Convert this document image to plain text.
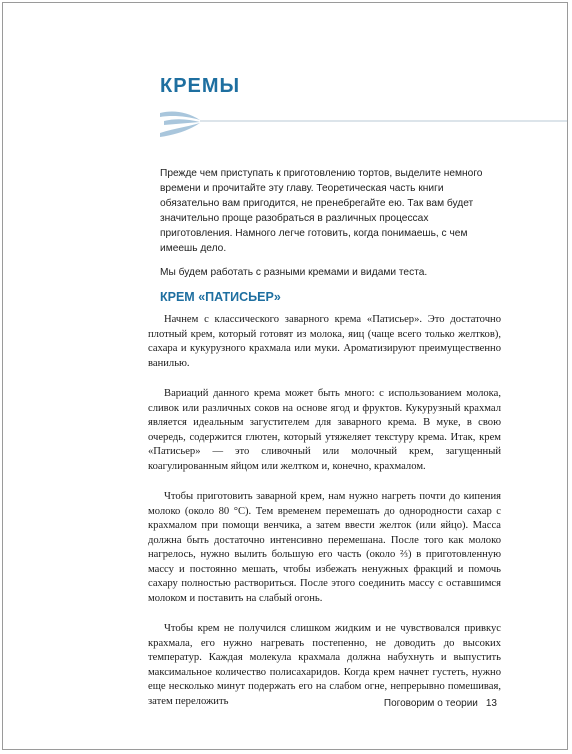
КРЕМЫ

Прежде чем приступать к приготовлению тортов, выделите немного времени и прочитайте эту главу. Теоретическая часть книги обязательно вам пригодится, не пренебрегайте ею. Так вам будет значительно проще разобраться в различных процессах приготовления. Намного легче готовить, когда понимаешь, с чем имеешь дело.

Мы будем работать с разными кремами и видами теста.

КРЕМ «ПАТИСЬЕР»

Начнем с классического заварного крема «Патисьер». Это достаточно плотный крем, который готовят из молока, яиц (чаще всего только желтков), сахара и кукурузного крахмала или муки. Ароматизируют преимущественно ванилью.

Вариаций данного крема может быть много: с использованием молока, сливок или различных соков на основе ягод и фруктов. Кукурузный крахмал является идеальным загустителем для заварного крема. В муке, в свою очередь, содержится глютен, который утяжеляет текстуру крема. Итак, крем «Патисьер» — это сливочный или молочный крем, загущенный коагулированным яйцом или желтком и, конечно, крахмалом.

Чтобы приготовить заварной крем, нам нужно нагреть почти до кипения молоко (около 80 °C). Тем временем перемешать до однородности сахар с крахмалом при помощи венчика, а затем ввести желток (или яйцо). Масса должна быть достаточно интенсивно перемешана. После того как молоко нагрелось, нужно вылить большую его часть (около ⅔) в приготовленную массу и постоянно мешать, чтобы избежать ненужных фракций и помочь сахару полностью раствориться. После этого соединить массу с оставшимся молоком и поставить на слабый огонь.

Чтобы крем не получился слишком жидким и не чувствовался привкус крахмала, его нужно нагревать постепенно, не доводить до высоких температур. Каждая молекула крахмала должна набухнуть и выпустить максимальное количество полисахаридов. Когда крем начнет густеть, нужно еще несколько минут подержать его на слабом огне, непрерывно помешивая, затем переложить	Поговорим о теории 13
